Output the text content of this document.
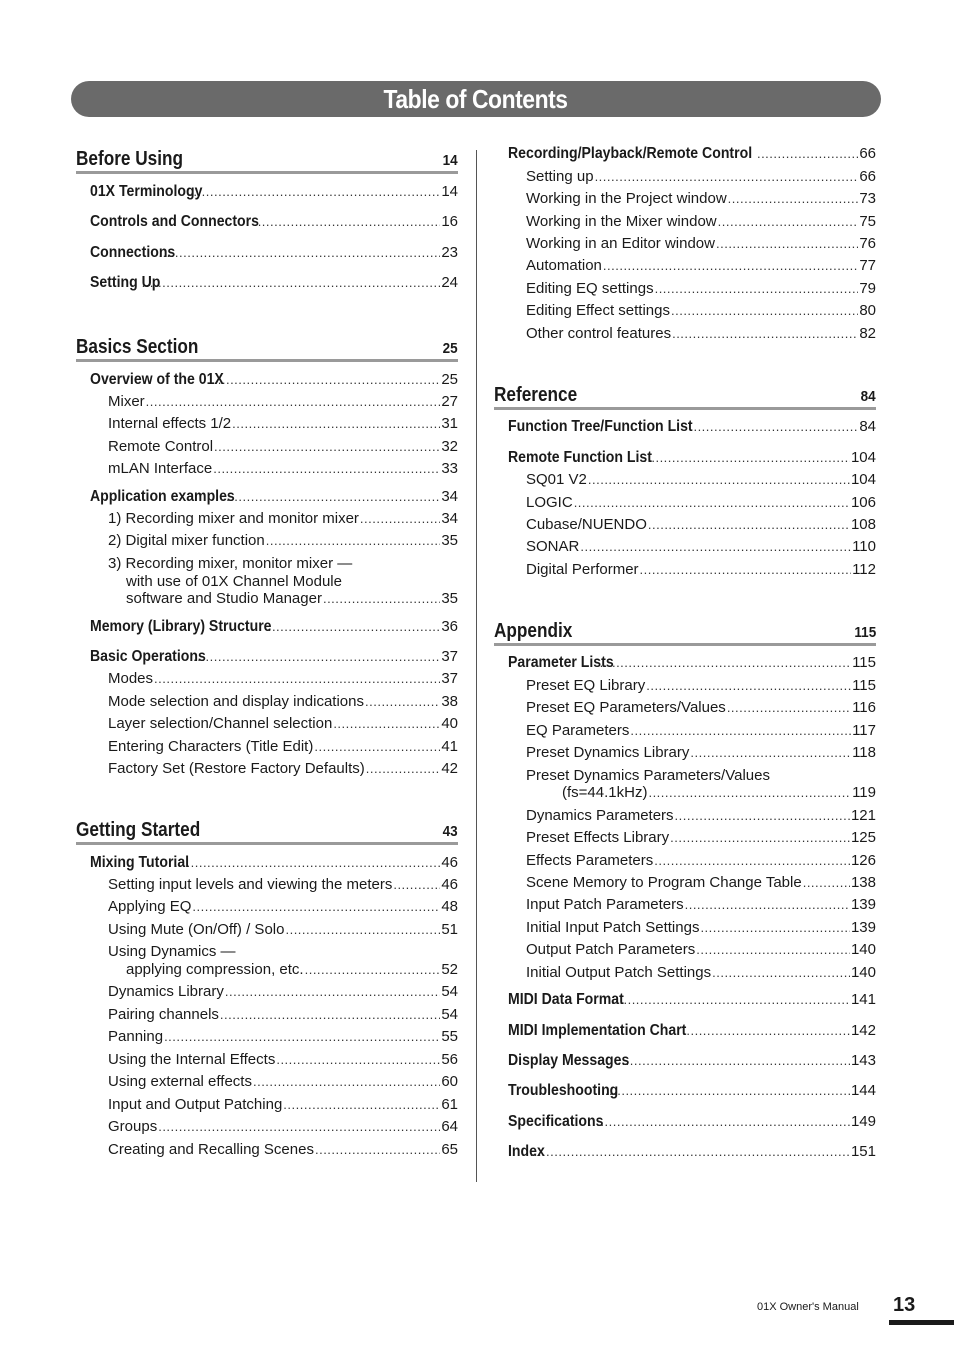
Table of Contents
Before Using	14
Basics Section	25
Getting Started	43
Reference	84
Appendix	115
01X Terminology .....	14
Controls and Connectors .....	16
Connections .....	23
Setting Up .....	24
Overview of the 01X .....	25
Mixer .....	27
Internal effects 1/2 .....	31
Remote Control .....	32
mLAN Interface .....	33
Application examples .....	34
1) Recording mixer and monitor mixer .....	34
2) Digital mixer function .....	35
3) Recording mixer, monitor mixer —
with use of 01X Channel Module
software and Studio Manager .....	35
Memory (Library) Structure .....	36
Basic Operations .....	37
Modes .....	37
Mode selection and display indications .....	38
Layer selection/Channel selection .....	40
Entering Characters (Title Edit) .....	41
Factory Set (Restore Factory Defaults) .....	42
Mixing Tutorial .....	46
Setting input levels and viewing the meters .....	46
Applying EQ .....	48
Using Mute (On/Off) / Solo .....	51
Using Dynamics —
applying compression, etc. .....	52
Dynamics Library .....	54
Pairing channels .....	54
Panning .....	55
Using the Internal Effects .....	56
Using external effects .....	60
Input and Output Patching .....	61
Groups .....	64
Creating and Recalling Scenes .....	65
Recording/Playback/Remote Control .....	66
Setting up .....	66
Working in the Project window .....	73
Working in the Mixer window .....	75
Working in an Editor window .....	76
Automation .....	77
Editing EQ settings .....	79
Editing Effect settings .....	80
Other control features .....	82
Function Tree/Function List .....	84
Remote Function List .....	104
SQ01 V2 .....	104
LOGIC .....	106
Cubase/NUENDO .....	108
SONAR .....	110
Digital Performer .....	112
Parameter Lists .....	115
Preset EQ Library .....	115
Preset EQ Parameters/Values .....	116
EQ Parameters .....	117
Preset Dynamics Library .....	118
Preset Dynamics Parameters/Values
(fs=44.1kHz) .....	119
Dynamics Parameters .....	121
Preset Effects Library .....	125
Effects Parameters .....	126
Scene Memory to Program Change Table .....	138
Input Patch Parameters .....	139
Initial Input Patch Settings .....	139
Output Patch Parameters .....	140
Initial Output Patch Settings .....	140
MIDI Data Format .....	141
MIDI Implementation Chart .....	142
Display Messages .....	143
Troubleshooting .....	144
Specifications .....	149
Index .....	151
01X Owner's Manual 13
